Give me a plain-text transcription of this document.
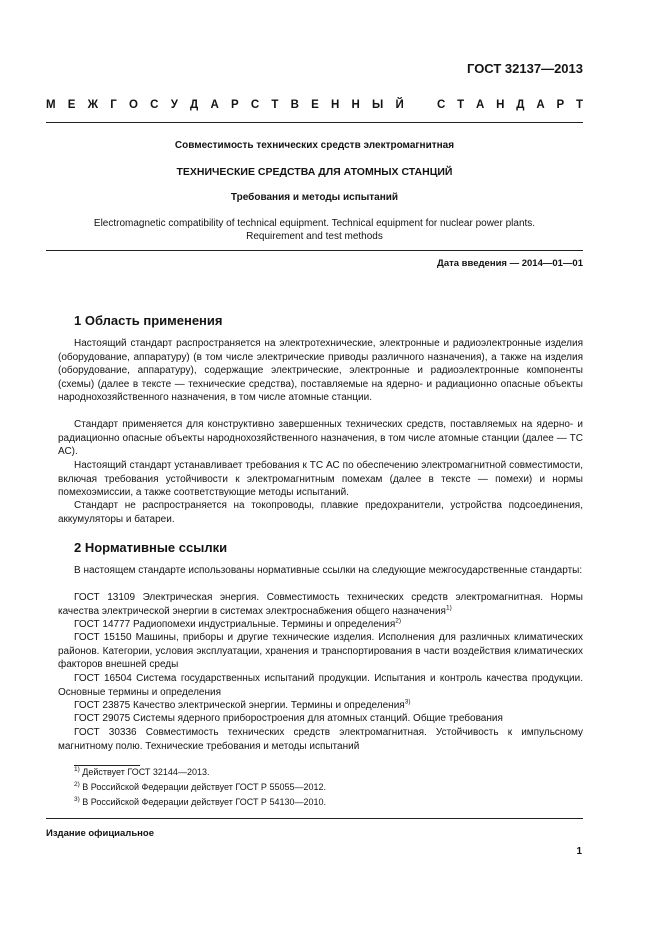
ГОСТ 32137—2013
М Е Ж Г О С У Д А Р С Т В Е Н Н Ы Й	С Т А Н Д А Р Т
Совместимость технических средств электромагнитная
ТЕХНИЧЕСКИЕ СРЕДСТВА ДЛЯ АТОМНЫХ СТАНЦИЙ
Требования и методы испытаний
Electromagnetic compatibility of technical equipment. Technical equipment for nuclear power plants.
Requirement and test methods
Дата введения — 2014—01—01
1 Область применения
Настоящий стандарт распространяется на электротехнические, электронные и радиоэлектронные изделия (оборудование, аппаратуру) (в том числе электрические приводы различного назначения), а также на изделия (оборудование, аппаратуру), содержащие электрические, электронные и радиоэлектронные компоненты (схемы) (далее в тексте — технические средства), поставляемые на ядерно- и радиационно опасные объекты народнохозяйственного назначения, в том числе атомные станции.
Стандарт применяется для конструктивно завершенных технических средств, поставляемых на ядерно- и радиационно опасные объекты народнохозяйственного назначения, в том числе атомные станции (далее — ТС АС).
Настоящий стандарт устанавливает требования к ТС АС по обеспечению электромагнитной совместимости, включая требования устойчивости к электромагнитным помехам (далее в тексте — помехи) и нормы помехоэмиссии, а также соответствующие методы испытаний.
Стандарт не распространяется на токопроводы, плавкие предохранители, устройства подсоединения, аккумуляторы и батареи.
2 Нормативные ссылки
В настоящем стандарте использованы нормативные ссылки на следующие межгосударственные стандарты:
ГОСТ 13109 Электрическая энергия. Совместимость технических средств электромагнитная. Нормы качества электрической энергии в системах электроснабжения общего назначения$^{1)}$
ГОСТ 14777 Радиопомехи индустриальные. Термины и определения$^{2)}$
ГОСТ 15150 Машины, приборы и другие технические изделия. Исполнения для различных климатических районов. Категории, условия эксплуатации, хранения и транспортирования в части воздействия климатических факторов внешней среды
ГОСТ 16504 Система государственных испытаний продукции. Испытания и контроль качества продукции. Основные термины и определения
ГОСТ 23875 Качество электрической энергии. Термины и определения$^{3)}$
ГОСТ 29075 Системы ядерного приборостроения для атомных станций. Общие требования
ГОСТ 30336 Совместимость технических средств электромагнитная. Устойчивость к импульсному магнитному полю. Технические требования и методы испытаний
$^{1)}$ Действует ГОСТ 32144—2013.
$^{2)}$ В Российской Федерации действует ГОСТ Р 55055—2012.
$^{3)}$ В Российской Федерации действует ГОСТ Р 54130—2010.
Издание официальное
1
